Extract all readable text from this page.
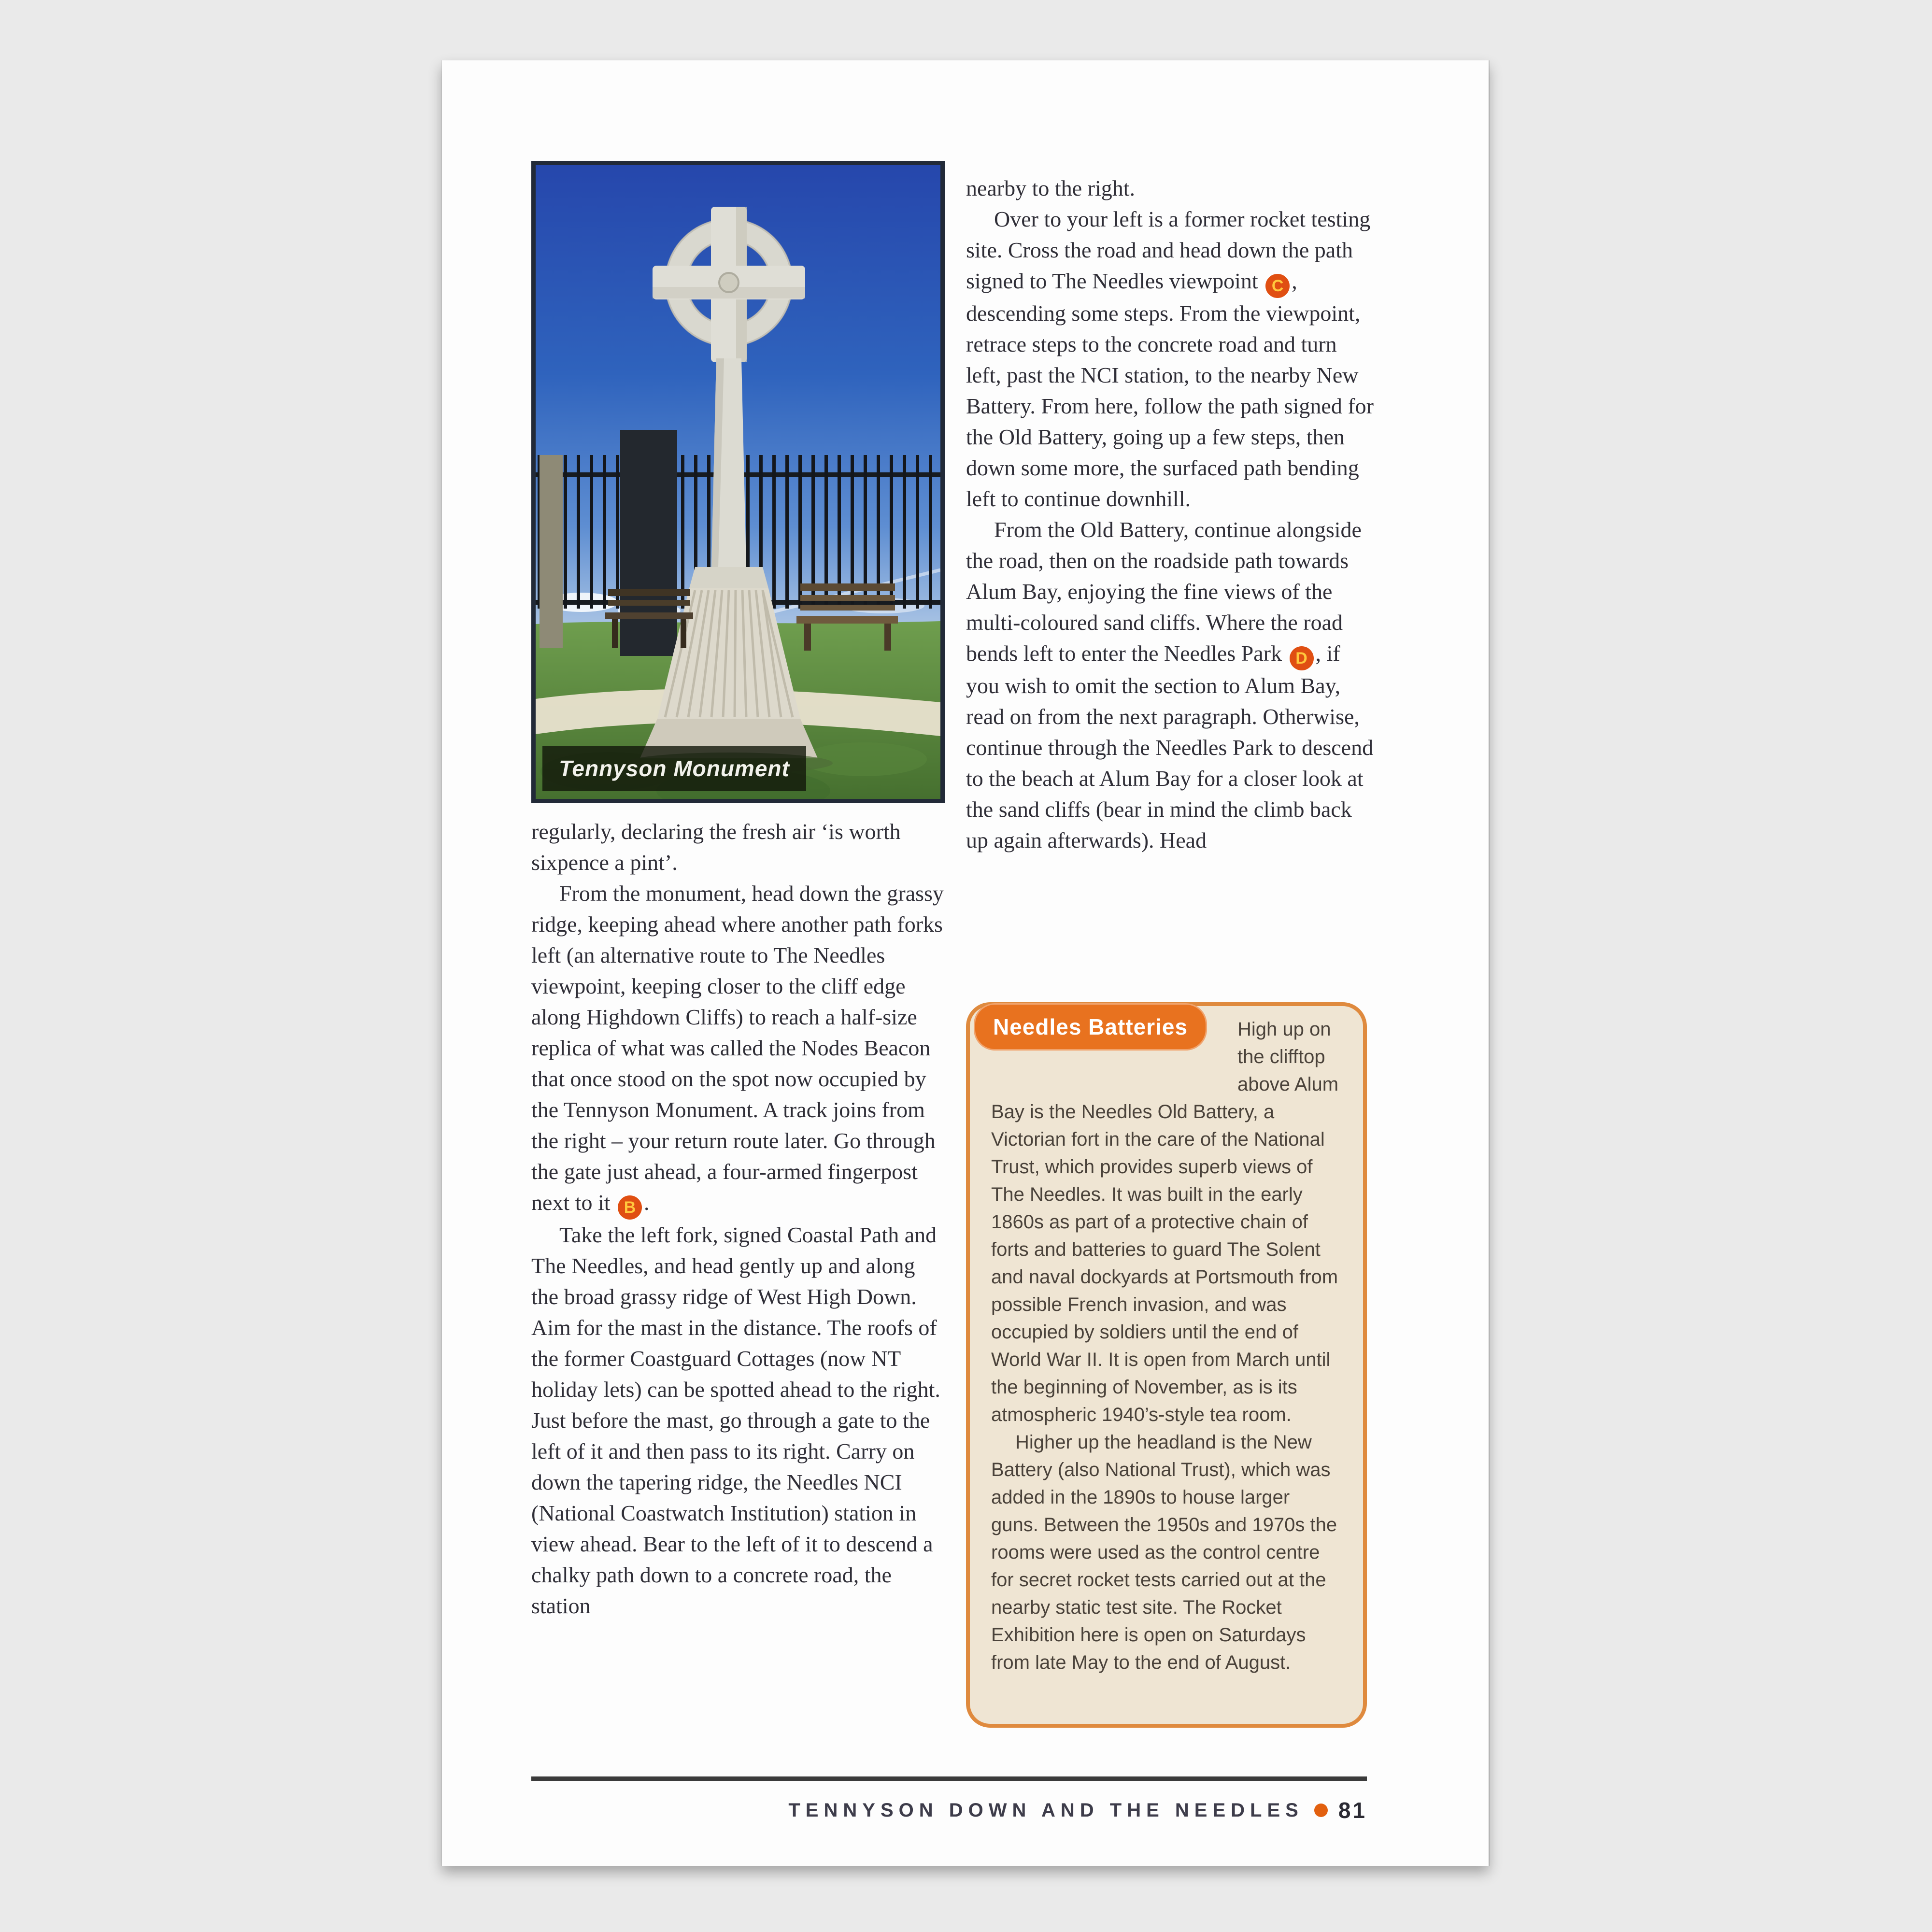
Tennyson Monument

regularly, declaring the fresh air ‘is worth sixpence a pint’.

From the monument, head down the grassy ridge, keeping ahead where another path forks left (an alternative route to The Needles viewpoint, keeping closer to the cliff edge along Highdown Cliffs) to reach a half-size replica of what was called the Nodes Beacon that once stood on the spot now occupied by the Tennyson Monument. A track joins from the right – your return route later. Go through the gate just ahead, a four-armed fingerpost next to it B .

Take the left fork, signed Coastal Path and The Needles, and head gently up and along the broad grassy ridge of West High Down. Aim for the mast in the distance. The roofs of the former Coastguard Cottages (now NT holiday lets) can be spotted ahead to the right. Just before the mast, go through a gate to the left of it and then pass to its right. Carry on down the tapering ridge, the Needles NCI (National Coastwatch Institution) station in view ahead. Bear to the left of it to descend a chalky path down to a concrete road, the station

nearby to the right.

Over to your left is a former rocket testing site. Cross the road and head down the path signed to The Needles viewpoint C , descending some steps. From the viewpoint, retrace steps to the concrete road and turn left, past the NCI station, to the nearby New Battery. From here, follow the path signed for the Old Battery, going up a few steps, then down some more, the surfaced path bending left to continue downhill.

From the Old Battery, continue alongside the road, then on the roadside path towards Alum Bay, enjoying the fine views of the multi-coloured sand cliffs. Where the road bends left to enter the Needles Park D , if you wish to omit the section to Alum Bay, read on from the next paragraph. Otherwise, continue through the Needles Park to descend to the beach at Alum Bay for a closer look at the sand cliffs (bear in mind the climb back up again afterwards). Head

Needles Batteries	High up on the clifftop above Alum Bay is the Needles Old Battery, a Victorian fort in the care of the National Trust, which provides superb views of The Needles. It was built in the early 1860s as part of a protective chain of forts and batteries to guard The Solent and naval dockyards at Portsmouth from possible French invasion, and was occupied by soldiers until the end of World War II. It is open from March until the beginning of November, as is its atmospheric 1940’s-style tea room.

Higher up the headland is the New Battery (also National Trust), which was added in the 1890s to house larger guns. Between the 1950s and 1970s the rooms were used as the control centre for secret rocket tests carried out at the nearby static test site. The Rocket Exhibition here is open on Saturdays from late May to the end of August.

TENNYSON DOWN AND THE NEEDLES 81
